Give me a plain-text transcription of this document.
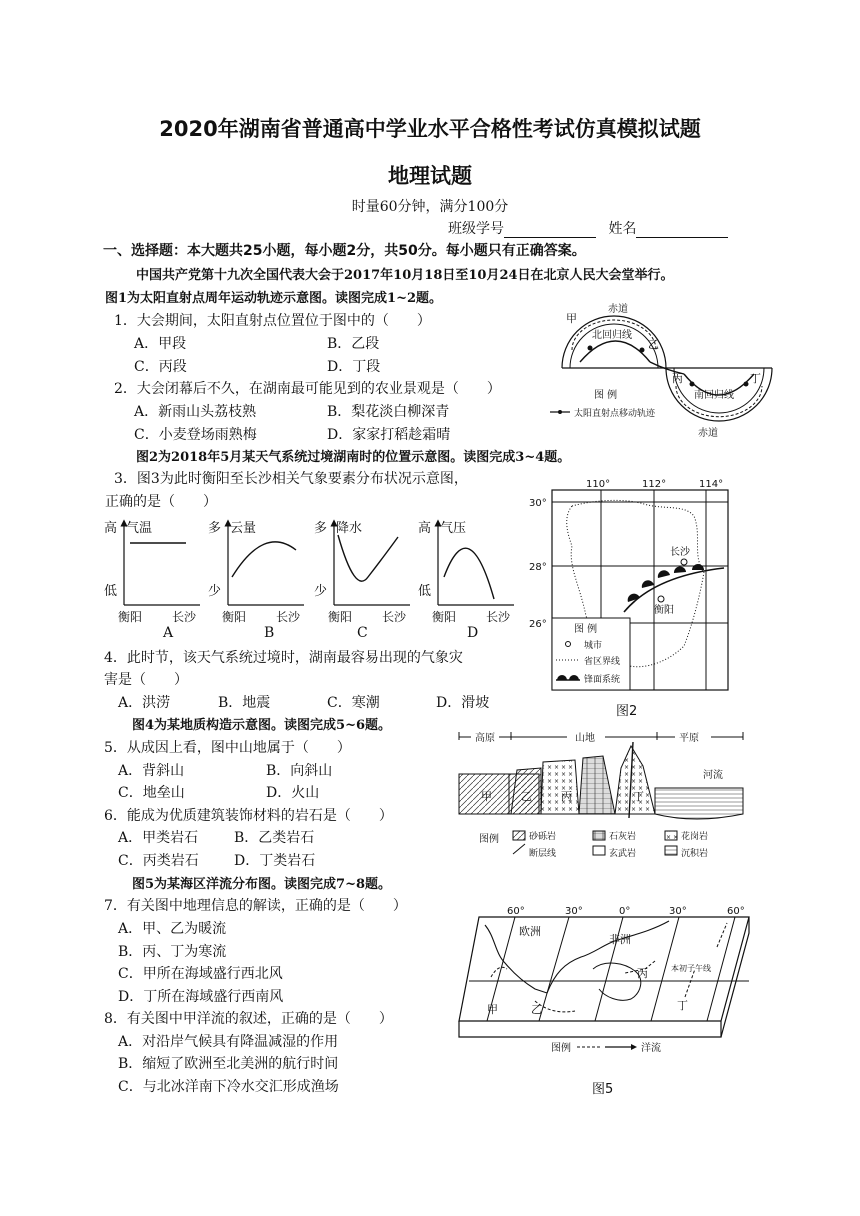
2020年湖南省普通高中学业水平合格性考试仿真模拟试题
地理试题
时量60分钟，满分100分
班级学号	姓名
一、选择题：本大题共25小题，每小题2分，共50分。每小题只有正确答案。
中国共产党第十九次全国代表大会于2017年10月18日至10月24日在北京人民大会堂举行。
图1为太阳直射点周年运动轨迹示意图。读图完成1~2题。
1．大会期间，太阳直射点位置位于图中的（　　）
A．甲段	B．乙段
C．丙段	D．丁段
2．大会闭幕后不久，在湖南最可能见到的农业景观是（　　）
A．新雨山头荔枝熟	B．梨花淡白柳深青
C．小麦登场雨熟梅	D．家家打稻趁霜晴
图2为2018年5月某天气系统过境湖南时的位置示意图。读图完成3~4题。
3．图3为此时衡阳至长沙相关气象要素分布状况示意图，
正确的是（　　）
高
低
气温
衡阳 长沙
多
少
云量
衡阳 长沙
多
少
降水
衡阳 长沙
高
低
气压
衡阳 长沙
A	B	C	D
4．此时节，该天气系统过境时，湖南最容易出现的气象灾
害是（　　）
A．洪涝	B．地震	C．寒潮	D．滑坡
图4为某地质构造示意图。读图完成5~6题。
5．从成因上看，图中山地属于（　　）
A．背斜山	B．向斜山
C．地垒山	D．火山
6．能成为优质建筑装饰材料的岩石是（　　）
A．甲类岩石	B．乙类岩石
C．丙类岩石	D．丁类岩石
图5为某海区洋流分布图。读图完成7~8题。
7．有关图中地理信息的解读，正确的是（　　）
A．甲、乙为暖流
B．丙、丁为寒流
C．甲所在海域盛行西北风
D．丁所在海域盛行西南风
8．有关图中甲洋流的叙述，正确的是（　　）
A．对沿岸气候具有降温减湿的作用
B．缩短了欧洲至北美洲的航行时间
C．与北冰洋南下冷水交汇形成渔场
赤道
赤道
北回归线
南回归线
甲
乙
丙	丁
图 例
太阳直射点移动轨迹
110°	112°	114°
30°
28°
26°
长沙
衡阳
图 例
城市
省区界线
锋面系统
图2
高原	山地	平原
甲	乙	丙	丁
河流
图例	砂砾岩	石灰岩	花岗岩
断层线	玄武岩	沉积岩
60°	30°	0°	30°	60°
欧洲
非洲
本初子午线
甲	乙
丙
丁
图例	洋流
图5
